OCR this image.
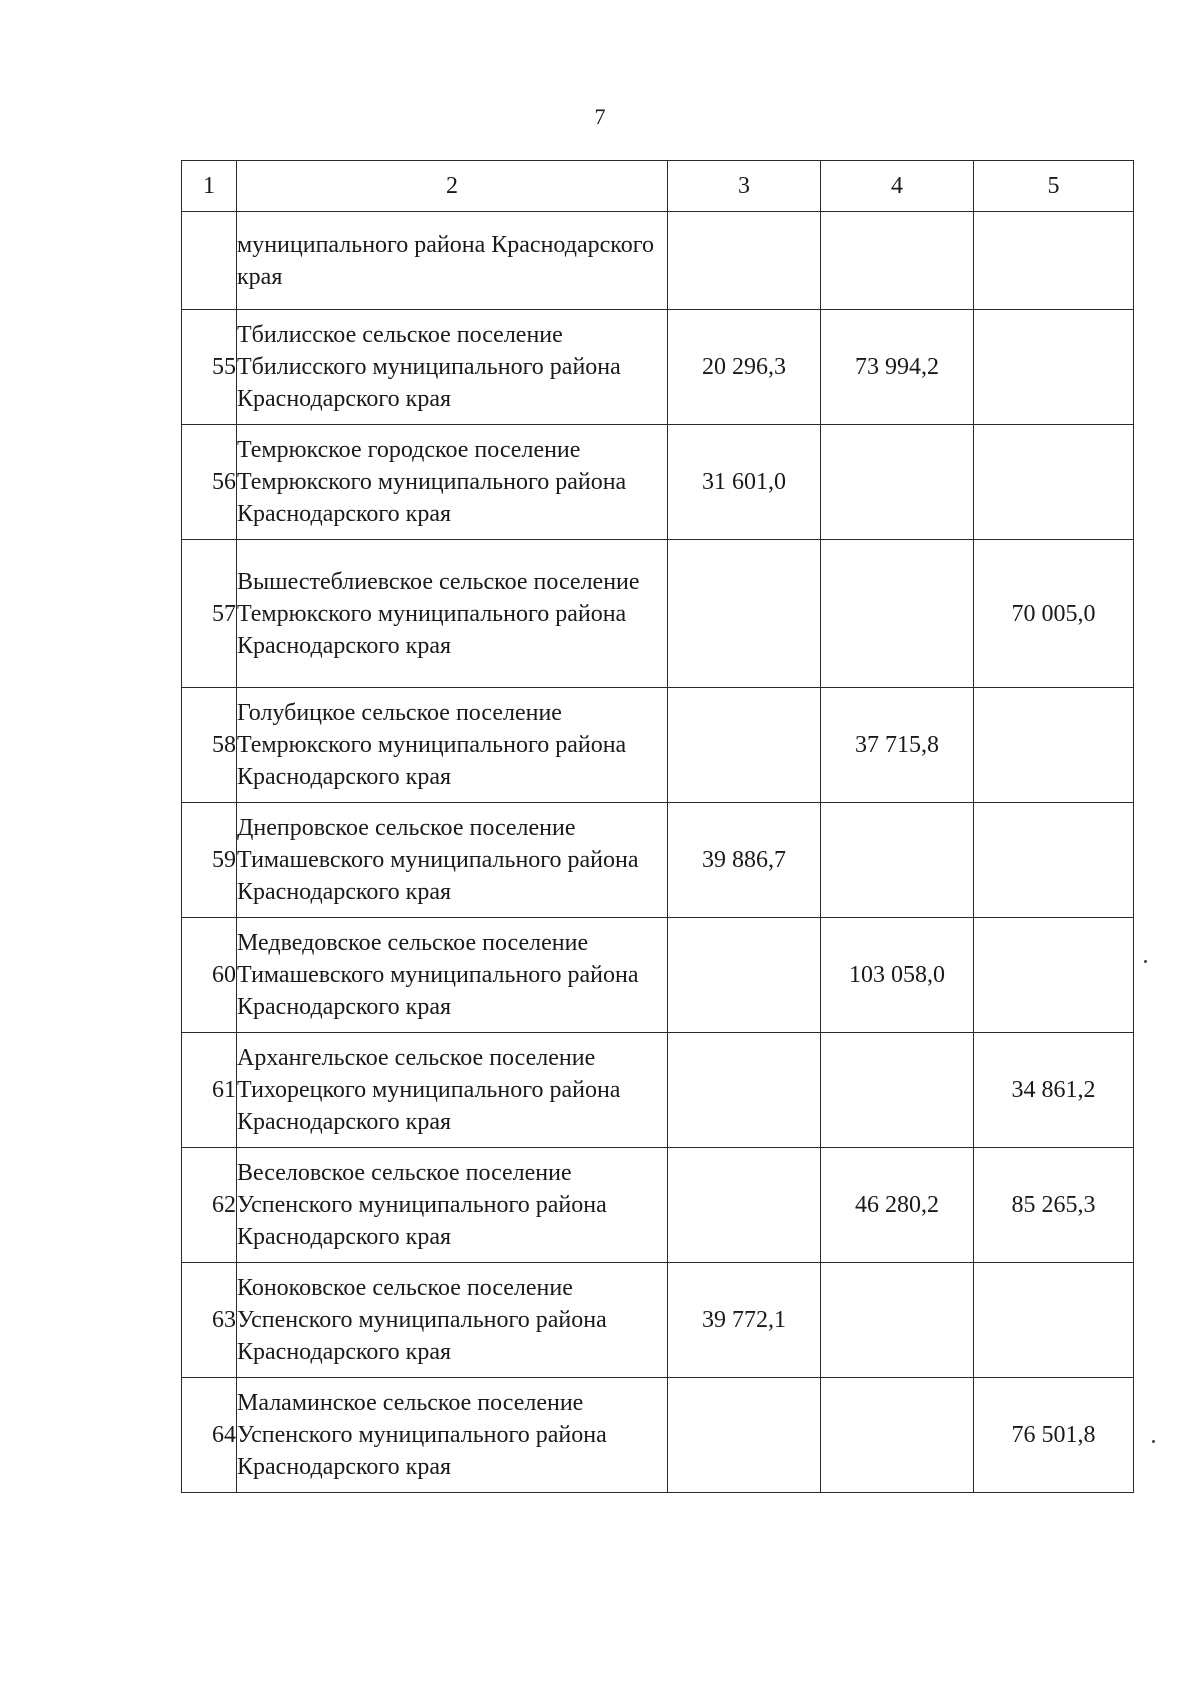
7
1	2	3	4	5
	муниципального района Краснодарского края			
55	Тбилисское сельское поселение Тбилисского муниципального района Краснодарского края	20 296,3	73 994,2	
56	Темрюкское городское поселение Темрюкского муниципального района Краснодарского края	31 601,0		
57	Вышестеблиевское сельское поселение Темрюкского муниципального района Краснодарского края			70 005,0
58	Голубицкое сельское поселение Темрюкского муниципального района Краснодарского края		37 715,8	
59	Днепровское сельское поселение Тимашевского муниципального района Краснодарского края	39 886,7		
60	Медведовское сельское поселение Тимашевского муниципального района Краснодарского края		103 058,0	
61	Архангельское сельское поселение Тихорецкого муниципального района Краснодарского края			34 861,2
62	Веселовское сельское поселение Успенского муниципального района Краснодарского края		46 280,2	85 265,3
63	Коноковское сельское поселение Успенского муниципального района Краснодарского края	39 772,1		
64	Маламинское сельское поселение Успенского муниципального района Краснодарского края			76 501,8
